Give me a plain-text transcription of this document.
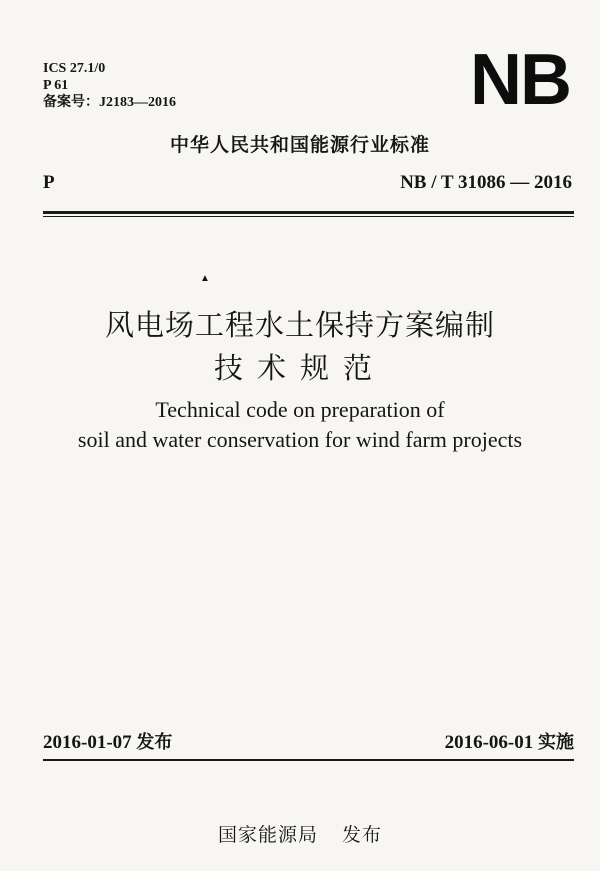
ICS 27.1/0
P 61
备案号：J2183—2016	NB
中华人民共和国能源行业标准
P	NB / T 31086 — 2016
▲
风电场工程水土保持方案编制
技术规范
Technical code on preparation of
soil and water conservation for wind farm projects
2016-01-07 发布	2016-06-01 实施
国家能源局 发布
